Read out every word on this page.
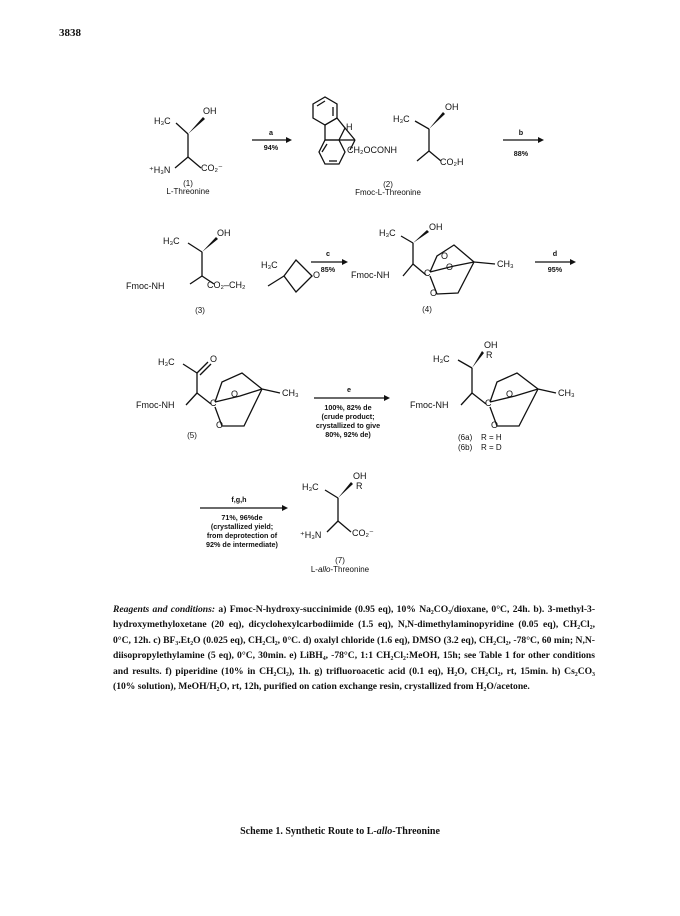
3838
H₃C
OH
⁺H₃N	CO₂⁻
(1)
L-Threonine
a
94%
H
CH₂OCONH
H₃C
OH
CO₂H
(2)
Fmoc-L-Threonine
b
88%
H₃C
OH
Fmoc-NH	CO₂–CH₂
H₃C
O
(3)
c
85%
H₃C
OH
Fmoc-NH
O
C
O
O
CH₃
(4)
d
95%
H₃C	O
Fmoc-NH	C
O
O
CH₃
(5)
e
100%, 82% de
(crude product;
crystallized to give
80%, 92% de)
H₃C
OH
R
Fmoc-NH	C
O
O
CH₃
(6a) R = H
(6b) R = D
f,g,h
71%, 96%de
(crystallized yield;
from deprotection of
92% de intermediate)
H₃C
OH
R
⁺H₃N	CO₂⁻
(7)
L-allo-Threonine
Reagents and conditions: a) Fmoc-N-hydroxy-succinimide (0.95 eq), 10% Na₂CO₃/dioxane, 0°C, 24h. b). 3-methyl-3-hydroxymethyloxetane (20 eq), dicyclohexylcarbodiimide (1.5 eq), N,N-dimethylaminopyridine (0.05 eq), CH₂Cl₂, 0°C, 12h. c) BF₃.Et₂O (0.025 eq), CH₂Cl₂, 0°C. d) oxalyl chloride (1.6 eq), DMSO (3.2 eq), CH₂Cl₂, -78°C, 60 min; N,N-diisopropylethylamine (5 eq), 0°C, 30min. e) LiBH₄, -78°C, 1:1 CH₂Cl₂:MeOH, 15h; see Table 1 for other conditions and results. f) piperidine (10% in CH₂Cl₂), 1h. g) trifluoroacetic acid (0.1 eq), H₂O, CH₂Cl₂, rt, 15min. h) Cs₂CO₃ (10% solution), MeOH/H₂O, rt, 12h, purified on cation exchange resin, crystallized from H₂O/acetone.
Scheme 1. Synthetic Route to L-allo-Threonine
